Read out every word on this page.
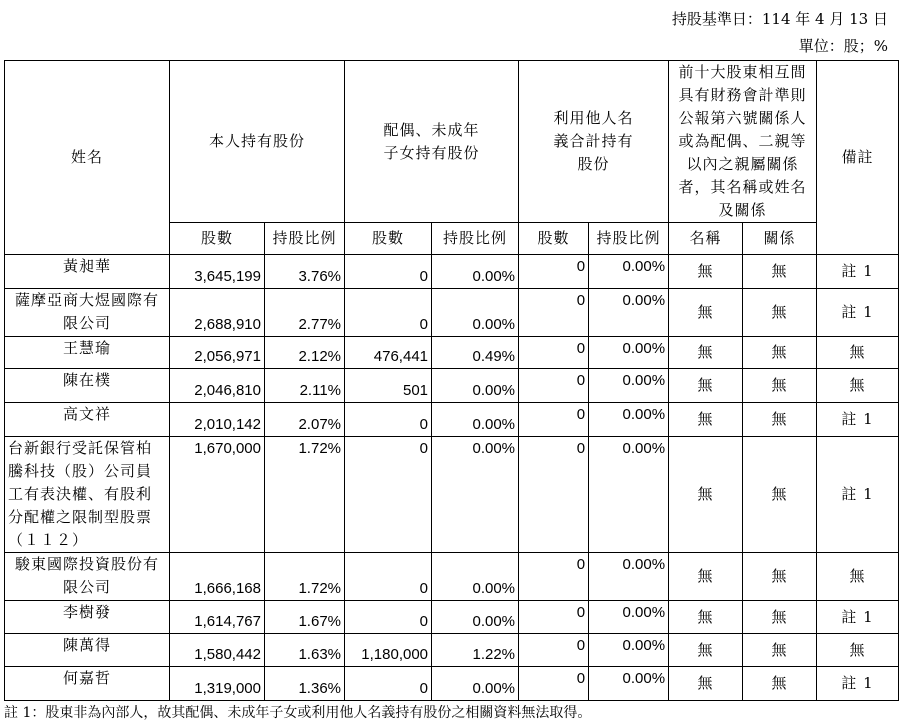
持股基準日：114 年 4 月 13 日
單位：股；%
姓名	本人持有股份		配偶、未成年子女持有股份		利用他人名義合計持有股份		前十大股東相互間具有財務會計準則公報第六號關係人或為配偶、二親等以內之親屬關係者，其名稱或姓名及關係		備註
	股數	持股比例	股數	持股比例	股數	持股比例	名稱	關係	
黃昶華	3,645,199	3.76%	0	0.00%	0	0.00%	無	無	註 1
薩摩亞商大煜國際有限公司	2,688,910	2.77%	0	0.00%	0	0.00%	無	無	註 1
王慧瑜	2,056,971	2.12%	476,441	0.49%	0	0.00%	無	無	無
陳在樸	2,046,810	2.11%	501	0.00%	0	0.00%	無	無	無
高文祥	2,010,142	2.07%	0	0.00%	0	0.00%	無	無	註 1
台新銀行受託保管柏騰科技（股）公司員工有表決權、有股利分配權之限制型股票（１１２）	1,670,000	1.72%	0	0.00%	0	0.00%	無	無	註 1
駿東國際投資股份有限公司	1,666,168	1.72%	0	0.00%	0	0.00%	無	無	無
李樹發	1,614,767	1.67%	0	0.00%	0	0.00%	無	無	註 1
陳萬得	1,580,442	1.63%	1,180,000	1.22%	0	0.00%	無	無	無
何嘉哲	1,319,000	1.36%	0	0.00%	0	0.00%	無	無	註 1
註 1：股東非為內部人，故其配偶、未成年子女或利用他人名義持有股份之相關資料無法取得。
